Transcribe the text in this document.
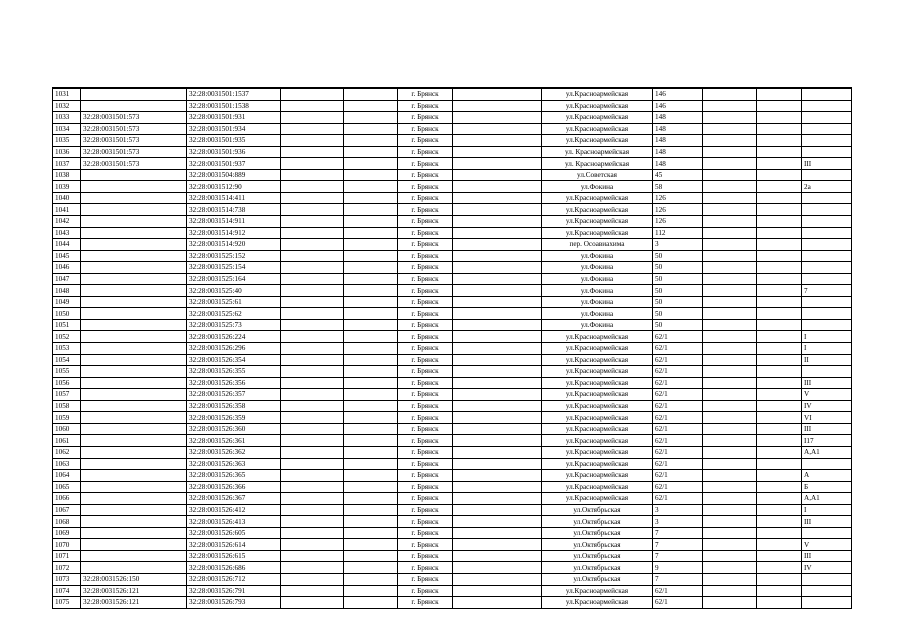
1031		32:28:0031501:1537			г. Брянск		ул.Красноармейская	146			
1032		32:28:0031501:1538			г. Брянск		ул.Красноармейская	146			
1033	32:28:0031501:573	32:28:0031501:931			г. Брянск		ул.Красноармейская	148			
1034	32:28:0031501:573	32:28:0031501:934			г. Брянск		ул.Красноармейская	148			
1035	32:28:0031501:573	32:28:0031501:935			г. Брянск		ул.Красноармейская	148			
1036	32:28:0031501:573	32:28:0031501:936			г. Брянск		ул. Красноармейская	148			
1037	32:28:0031501:573	32:28:0031501:937			г. Брянск		ул. Красноармейская	148			III
1038		32:28:0031504:889			г. Брянск		ул.Советская	45			
1039		32:28:0031512:90			г. Брянск		ул.Фокина	58			2а
1040		32:28:0031514:411			г. Брянск		ул.Красноармейская	126			
1041		32:28:0031514:738			г. Брянск		ул.Красноармейская	126			
1042		32:28:0031514:911			г. Брянск		ул.Красноармейская	126			
1043		32:28:0031514:912			г. Брянск		ул.Красноармейская	112			
1044		32:28:0031514:920			г. Брянск		пер. Осоавиахима	3			
1045		32:28:0031525:152			г. Брянск		ул.Фокина	50			
1046		32:28:0031525:154			г. Брянск		ул.Фокина	50			
1047		32:28:0031525:164			г. Брянск		ул.Фокина	50			
1048		32:28:0031525:40			г. Брянск		ул.Фокина	50			7
1049		32:28:0031525:61			г. Брянск		ул.Фокина	50			
1050		32:28:0031525:62			г. Брянск		ул.Фокина	50			
1051		32:28:0031525:73			г. Брянск		ул.Фокина	50			
1052		32:28:0031526:224			г. Брянск		ул.Красноармейская	62/1			I
1053		32:28:0031526:296			г. Брянск		ул.Красноармейская	62/1			I
1054		32:28:0031526:354			г. Брянск		ул.Красноармейская	62/1			II
1055		32:28:0031526:355			г. Брянск		ул.Красноармейская	62/1			
1056		32:28:0031526:356			г. Брянск		ул.Красноармейская	62/1			III
1057		32:28:0031526:357			г. Брянск		ул.Красноармейская	62/1			V
1058		32:28:0031526:358			г. Брянск		ул.Красноармейская	62/1			IV
1059		32:28:0031526:359			г. Брянск		ул.Красноармейская	62/1			VI
1060		32:28:0031526:360			г. Брянск		ул.Красноармейская	62/1			III
1061		32:28:0031526:361			г. Брянск		ул.Красноармейская	62/1			I17
1062		32:28:0031526:362			г. Брянск		ул.Красноармейская	62/1			А,А1
1063		32:28:0031526:363			г. Брянск		ул.Красноармейская	62/1			
1064		32:28:0031526:365			г. Брянск		ул.Красноармейская	62/1			А
1065		32:28:0031526:366			г. Брянск		ул.Красноармейская	62/1			Б
1066		32:28:0031526:367			г. Брянск		ул.Красноармейская	62/1			А,А1
1067		32:28:0031526:412			г. Брянск		ул.Октябрьская	3			I
1068		32:28:0031526:413			г. Брянск		ул.Октябрьская	3			III
1069		32:28:0031526:605			г. Брянск		ул.Октябрьская	7			
1070		32:28:0031526:614			г. Брянск		ул.Октябрьская	7			V
1071		32:28:0031526:615			г. Брянск		ул.Октябрьская	7			III
1072		32:28:0031526:686			г. Брянск		ул.Октябрьская	9			IV
1073	32:28:0031526:150	32:28:0031526:712			г. Брянск		ул.Октябрьская	7			
1074	32:28:0031526:121	32:28:0031526:791			г. Брянск		ул.Красноармейская	62/1			
1075	32:28:0031526:121	32:28:0031526:793			г. Брянск		ул.Красноармейская	62/1			
